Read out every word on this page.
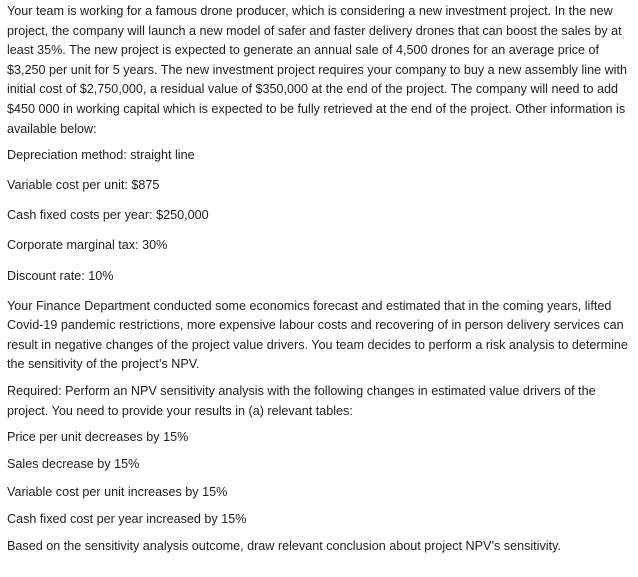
Your team is working for a famous drone producer, which is considering a new investment project. In the new project, the company will launch a new model of safer and faster delivery drones that can boost the sales by at least 35%. The new project is expected to generate an annual sale of 4,500 drones for an average price of $3,250 per unit for 5 years. The new investment project requires your company to buy a new assembly line with initial cost of $2,750,000, a residual value of $350,000 at the end of the project. The company will need to add $450 000 in working capital which is expected to be fully retrieved at the end of the project. Other information is available below:

Depreciation method: straight line

Variable cost per unit: $875

Cash fixed costs per year: $250,000

Corporate marginal tax: 30%

Discount rate: 10%

Your Finance Department conducted some economics forecast and estimated that in the coming years, lifted Covid-19 pandemic restrictions, more expensive labour costs and recovering of in person delivery services can result in negative changes of the project value drivers. You team decides to perform a risk analysis to determine the sensitivity of the project’s NPV.

Required: Perform an NPV sensitivity analysis with the following changes in estimated value drivers of the project. You need to provide your results in (a) relevant tables:

Price per unit decreases by 15%

Sales decrease by 15%

Variable cost per unit increases by 15%

Cash fixed cost per year increased by 15%

Based on the sensitivity analysis outcome, draw relevant conclusion about project NPV’s sensitivity.
